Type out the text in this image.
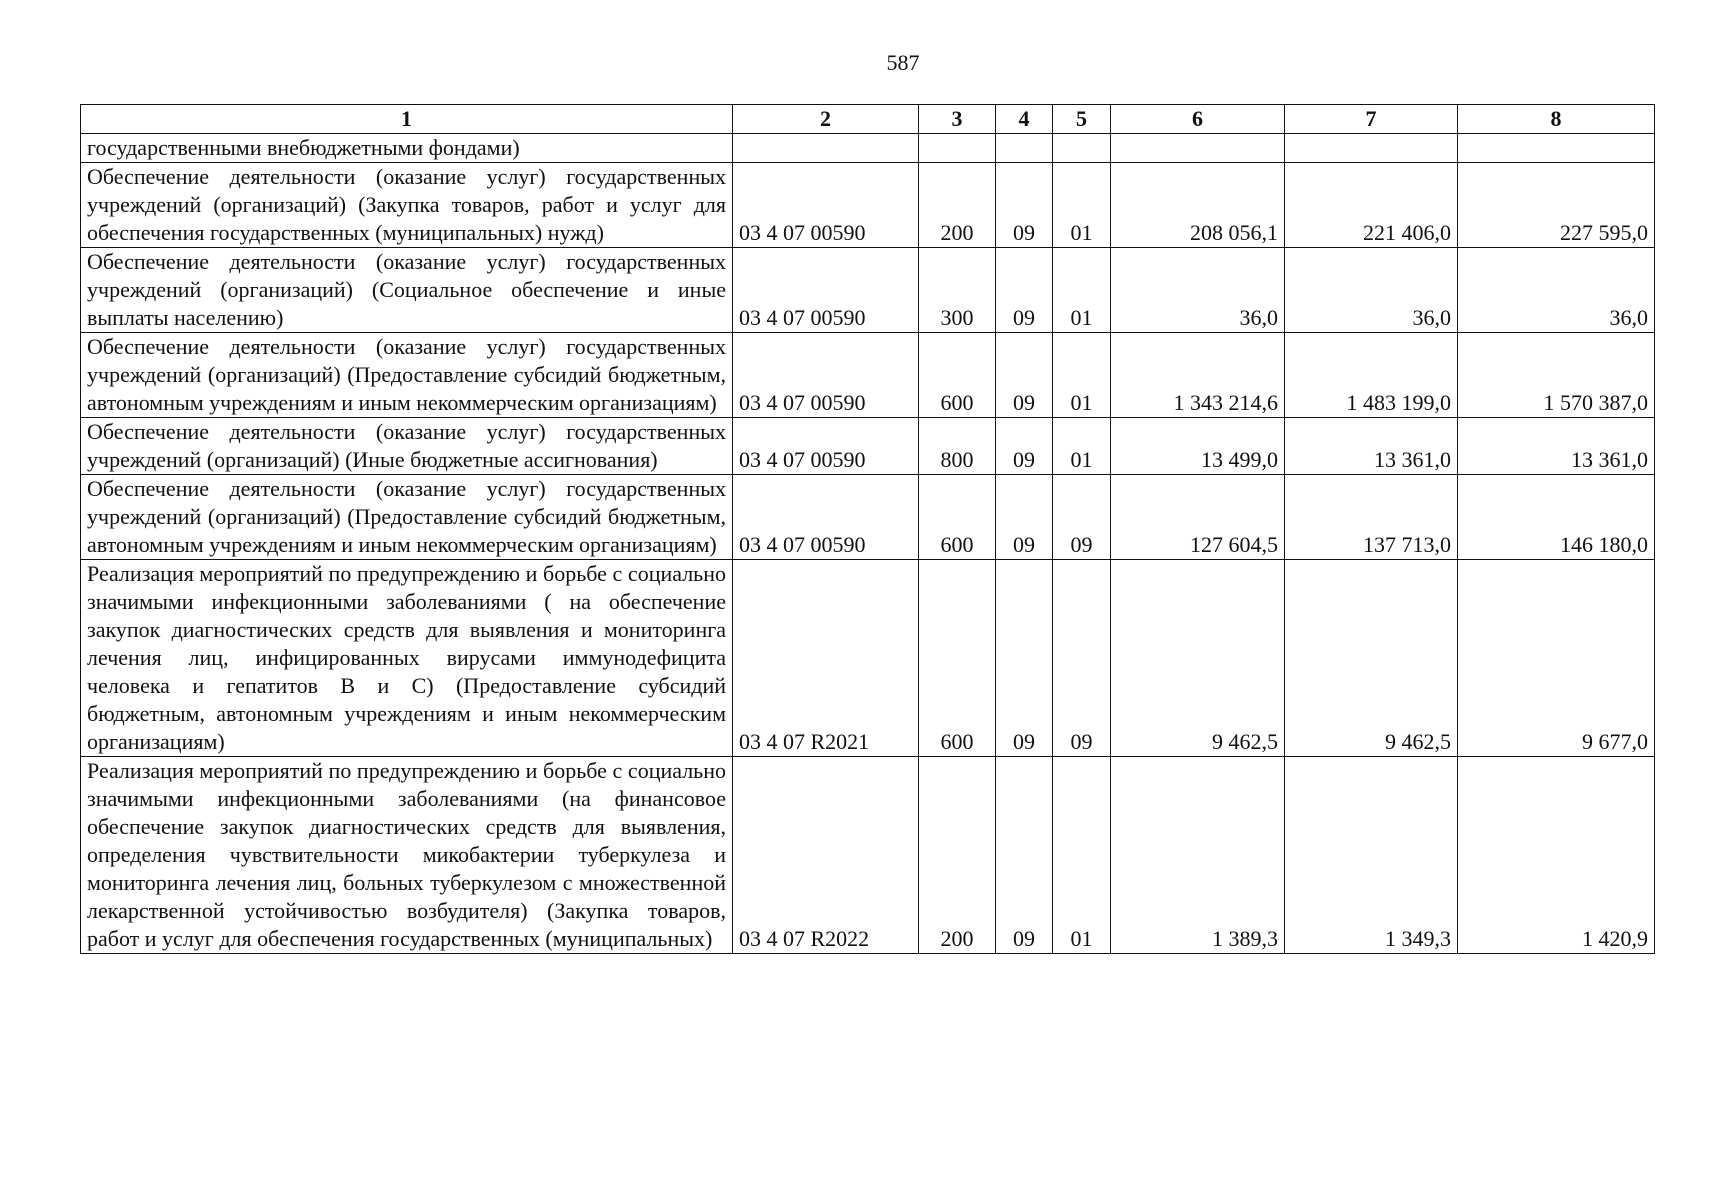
587
1	2	3	4	5	6	7	8
государственными внебюджетными фондами)							
Обеспечение деятельности (оказание услуг) государственных учреждений (организаций) (Закупка товаров, работ и услуг для обеспечения государственных (муниципальных) нужд)	03 4 07 00590	200	09	01	208 056,1	221 406,0	227 595,0
Обеспечение деятельности (оказание услуг) государственных учреждений (организаций) (Социальное обеспечение и иные выплаты населению)	03 4 07 00590	300	09	01	36,0	36,0	36,0
Обеспечение деятельности (оказание услуг) государственных учреждений (организаций) (Предоставление субсидий бюджетным, автономным учреждениям и иным некоммерческим организациям)	03 4 07 00590	600	09	01	1 343 214,6	1 483 199,0	1 570 387,0
Обеспечение деятельности (оказание услуг) государственных учреждений (организаций) (Иные бюджетные ассигнования)	03 4 07 00590	800	09	01	13 499,0	13 361,0	13 361,0
Обеспечение деятельности (оказание услуг) государственных учреждений (организаций) (Предоставление субсидий бюджетным, автономным учреждениям и иным некоммерческим организациям)	03 4 07 00590	600	09	09	127 604,5	137 713,0	146 180,0
Реализация мероприятий по предупреждению и борьбе с социально значимыми инфекционными заболеваниями ( на обеспечение закупок диагностических средств для выявления и мониторинга лечения лиц, инфицированных вирусами иммунодефицита человека и гепатитов B и C) (Предоставление субсидий бюджетным, автономным учреждениям и иным некоммерческим организациям)	03 4 07 R2021	600	09	09	9 462,5	9 462,5	9 677,0
Реализация мероприятий по предупреждению и борьбе с социально значимыми инфекционными заболеваниями (на финансовое обеспечение закупок диагностических средств для выявления, определения чувствительности микобактерии туберкулеза и мониторинга лечения лиц, больных туберкулезом с множественной лекарственной устойчивостью возбудителя) (Закупка товаров, работ и услуг для обеспечения государственных (муниципальных)	03 4 07 R2022	200	09	01	1 389,3	1 349,3	1 420,9
